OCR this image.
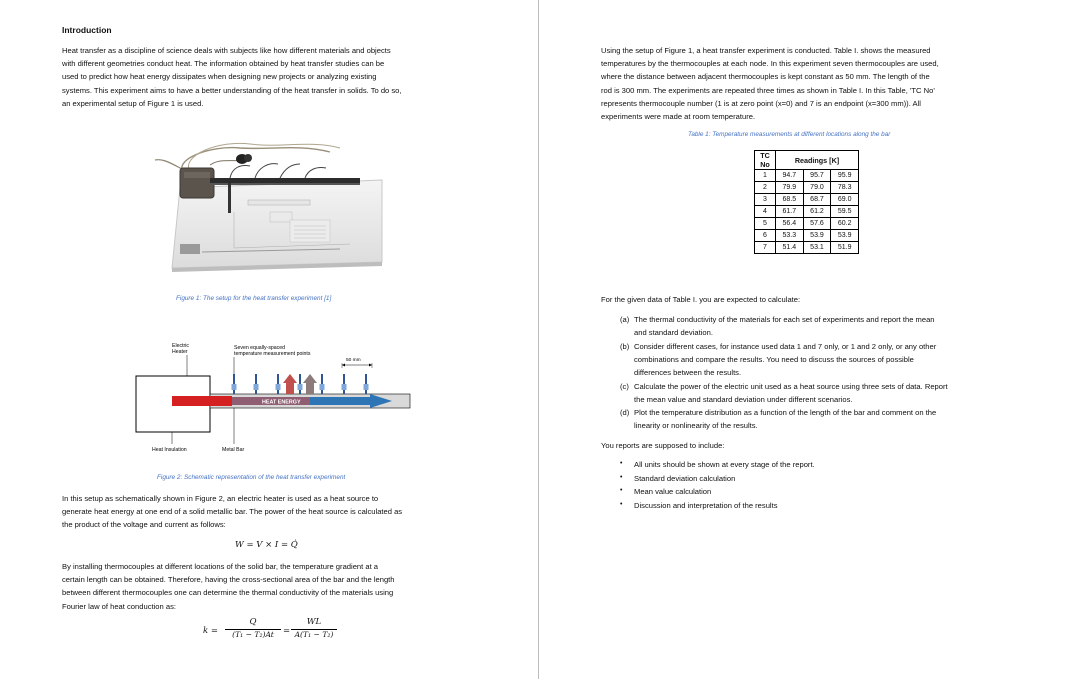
Introduction
Heat transfer as a discipline of science deals with subjects like how different materials and objects
with different geometries conduct heat. The information obtained by heat transfer studies can be
used to predict how heat energy dissipates when designing new projects or analyzing existing
systems. This experiment aims to have a better understanding of the heat transfer in solids. To do so,
an experimental setup of Figure 1 is used.
Figure 1: The setup for the heat transfer experiment [1]
Electric
Heater
Seven equally-spaced
temperature measurement points
50 mm
HEAT ENERGY
Heat Insulation	Metal Bar
Figure 2: Schematic representation of the heat transfer experiment
In this setup as schematically shown in Figure 2, an electric heater is used as a heat source to
generate heat energy at one end of a solid metallic bar. The power of the heat source is calculated as
the product of the voltage and current as follows:
W = V × I = Q̇
By installing thermocouples at different locations of the solid bar, the temperature gradient at a
certain length can be obtained. Therefore, having the cross-sectional area of the bar and the length
between different thermocouples one can determine the thermal conductivity of the materials using
Fourier law of heat conduction as:
k =
Q
(T₁ − T₂)At	=
WL
A(T₁ − T₂)
Using the setup of Figure 1, a heat transfer experiment is conducted. Table I. shows the measured
temperatures by the thermocouples at each node. In this experiment seven thermocouples are used,
where the distance between adjacent thermocouples is kept constant as 50 mm. The length of the
rod is 300 mm. The experiments are repeated three times as shown in Table I. In this Table, 'TC No'
represents thermocouple number (1 is at zero point (x=0) and 7 is an endpoint (x=300 mm)). All
experiments were made at room temperature.
Table 1: Temperature measurements at different locations along the bar
TC
No	Readings [K]		
1	94.7	95.7	95.9
2	79.9	79.0	78.3
3	68.5	68.7	69.0
4	61.7	61.2	59.5
5	56.4	57.6	60.2
6	53.3	53.9	53.9
7	51.4	53.1	51.9
For the given data of Table I. you are expected to calculate:
(a) The thermal conductivity of the materials for each set of experiments and report the mean
and standard deviation.
(b) Consider different cases, for instance used data 1 and 7 only, or 1 and 2 only, or any other
combinations and compare the results. You need to discuss the sources of possible
differences between the results.
(c) Calculate the power of the electric unit used as a heat source using three sets of data. Report
the mean value and standard deviation under different scenarios.
(d) Plot the temperature distribution as a function of the length of the bar and comment on the
linearity or nonlinearity of the results.
You reports are supposed to include:
• All units should be shown at every stage of the report.
• Standard deviation calculation
• Mean value calculation
• Discussion and interpretation of the results
